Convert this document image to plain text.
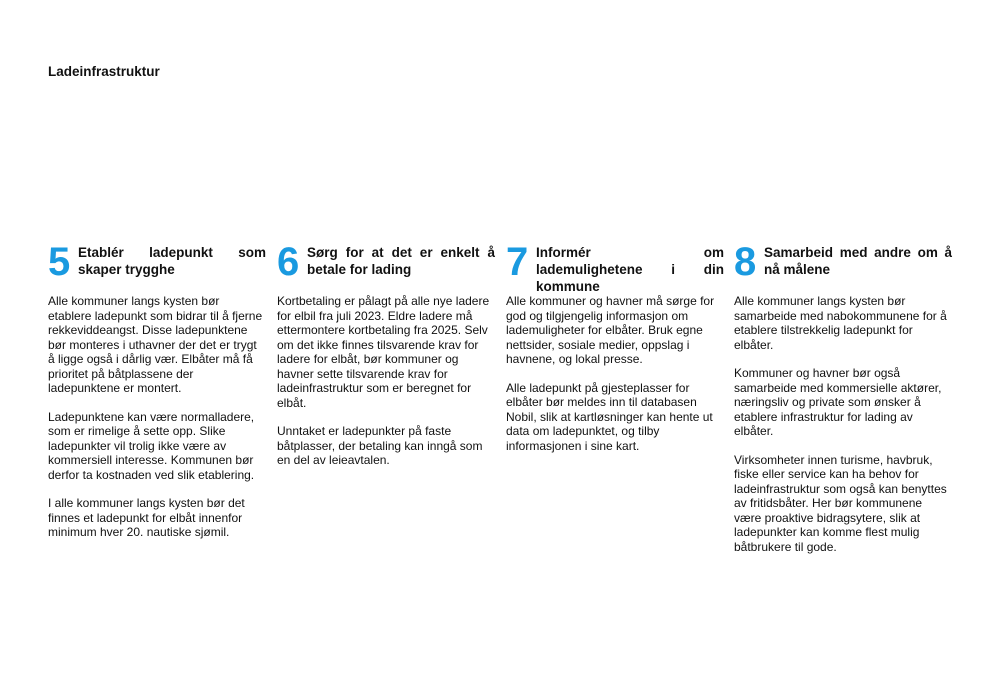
Ladeinfrastruktur
5 Etablér ladepunkt som skaper trygghe

Alle kommuner langs kysten bør etablere ladepunkt som bidrar til å fjerne rekkeviddeangst. Disse ladepunktene bør monteres i uthavner der det er trygt å ligge også i dårlig vær. Elbåter må få prioritet på båtplassene der ladepunktene er montert.

Ladepunktene kan være normalladere, som er rimelige å sette opp. Slike ladepunkter vil trolig ikke være av kommersiell interesse. Kommunen bør derfor ta kostnaden ved slik etablering.

I alle kommuner langs kysten bør det finnes et ladepunkt for elbåt innenfor minimum hver 20. nautiske sjømil.

6 Sørg for at det er enkelt å betale for lading

Kortbetaling er pålagt på alle nye ladere for elbil fra juli 2023. Eldre ladere må ettermontere kortbetaling fra 2025. Selv om det ikke finnes tilsvarende krav for ladere for elbåt, bør kommuner og havner sette tilsvarende krav for ladeinfrastruktur som er beregnet for elbåt.

Unntaket er ladepunkter på faste båtplasser, der betaling kan inngå som en del av leieavtalen.

7 Informér om lademulighetene i din kommune

Alle kommuner og havner må sørge for god og tilgjengelig informasjon om lademuligheter for elbåter. Bruk egne nettsider, sosiale medier, oppslag i havnene, og lokal presse.

Alle ladepunkt på gjesteplasser for elbåter bør meldes inn til databasen Nobil, slik at kartløsninger kan hente ut data om ladepunktet, og tilby informasjonen i sine kart.

8 Samarbeid med andre om å nå målene

Alle kommuner langs kysten bør samarbeide med nabokommunene for å etablere tilstrekkelig ladepunkt for elbåter.

Kommuner og havner bør også samarbeide med kommersielle aktører, næringsliv og private som ønsker å etablere infrastruktur for lading av elbåter.

Virksomheter innen turisme, havbruk, fiske eller service kan ha behov for ladeinfrastruktur som også kan benyttes av fritidsbåter. Her bør kommunene være proaktive bidragsytere, slik at ladepunkter kan komme flest mulig båtbrukere til gode.
